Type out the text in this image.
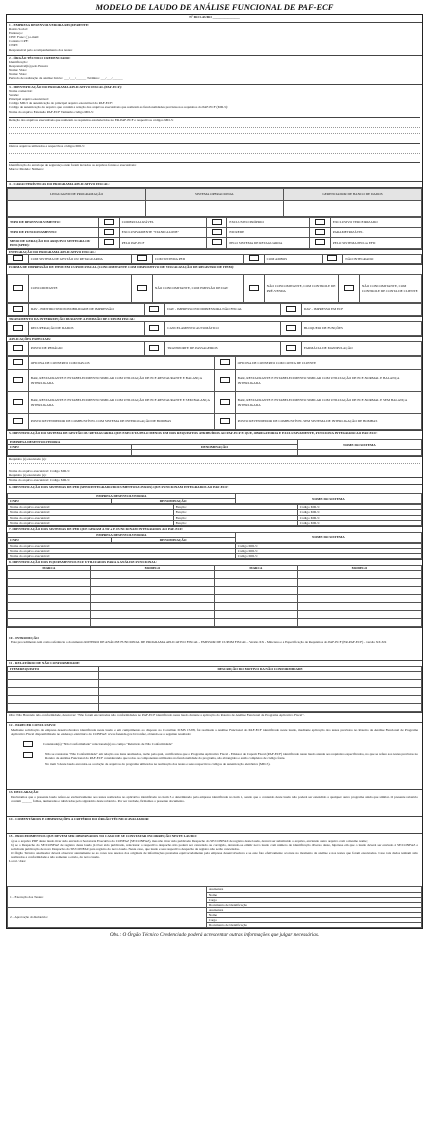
MODELO DE LAUDO DE ANÁLISE FUNCIONAL DE PAF-ECF
Nº DO LAUDO ________________
1 - EMPRESA DESENVOLVEDORA REQUERENTE:
Razão Social:
Endereço:
CEP: Fone: ( ) e-mail:
Contato: CPF:
CNPJ:
Responsável pelo acompanhamento dos testes:
2 - ÓRGÃO TÉCNICO CREDENCIADO:
Identificação:
Responsável(is) pelo Ensaio:
Nome: Visto:
Nome: Visto:
Período de realização da análise: Início: ___/___/______ Término: ___/___/______
3 - IDENTIFICAÇÃO DO PROGRAMA APLICATIVO FISCAL (PAF-ECF):
Nome comercial:
Versão:
Principal arquivo executável:
Código MD-5 de autenticação do principal arquivo executável do PAF-ECF:
Código de autenticação do arquivo que contém a relação dos arquivos executáveis que realizam as funcionalidades previstas nos requisitos do PAF-ECF (MD-5):
Nome do arquivo Extensão PAF-ECF Tamanho código MD-5:
Relação dos arquivos executáveis que realizam os requisitos estabelecidos no ER-PAF-ECF e respectivos códigos MD-5:
Outros arquivos utilizados e respectivos códigos MD-5:
Identificação do envelope de segurança onde foram lacrados os arquivos fontes e executáveis:
Marca: Modelo: Número:
4 - CARACTERÍSTICAS DO PROGRAMA APLICATIVO FISCAL:
LINGUAGEM DE PROGRAMAÇÃO	SISTEMA OPERACIONAL	GERENCIADOR DE BANCO DE DADOS

TIPO DE DESENVOLVIMENTO:		COMERCIALIZÁVEL		EXCLUSIVO PRÓPRIO		EXCLUSIVO TERCEIRIZADO
TIPO DE FUNCIONAMENTO:		EXCLUSIVAMENTE "STAND ALONE"		EM REDE		PARAMETRIZÁVEL
MEIO DE GERAÇÃO DO ARQUIVO SINTEGRA OU EFD (SPED):		PELO PAF-ECF		PELO SISTEMA DE RETAGUARDA		PELO SISTEMA PED ou EFD
INTEGRAÇÃO DO PROGRAMA APLICATIVO FISCAL:
	COM SISTEMA DE GESTÃO OU RETAGUARDA		COM SISTEMA PED		COM AMBOS		NÃO INTEGRADO
FORMA DE IMPRESSÃO DE ITEM EM CUPOM FISCAL (CONCOMITANTE COM DISPOSITIVO DE VISUALIZAÇÃO DE REGISTRO DE ITEM):
	CONCOMITANTE		NÃO CONCOMITANTE, COM EMISSÃO DE DAV		NÃO CONCOMITANTE, COM CONTROLE DE PRÉ-VENDA		NÃO CONCOMITANTE, COM CONTROLE DE CONTA DE CLIENTE
	DAV - EMITIDO SEM POSSIBILIDADE DE IMPRESSÃO		DAV - IMPRESSO EM IMPRESSORA NÃO FISCAL		DAV - IMPRESSO EM ECF
TRATAMENTO DA INTERRUPÇÃO DURANTE A EMISSÃO DE CUPOM FISCAL:
	RECUPERAÇÃO DE DADOS		CANCELAMENTO AUTOMÁTICO		BLOQUEIO DE FUNÇÕES
APLICAÇÕES ESPECIAIS:
	POSTO DE PEDÁGIO		TRANSPORTE DE PASSAGEIROS		FARMÁCIA DE MANIPULAÇÃO
	OFICINA DE CONSERTO COM DAV-OS		OFICINA DE CONSERTO COM CONTA DE CLIENTE
	BAR, RESTAURANTE E ESTABELECIMENTO SIMILAR COM UTILIZAÇÃO DE ECF-RESTAURANTE E BALANÇA INTERLIGADA		BAR, RESTAURANTE E ESTABELECIMENTO SIMILAR COM UTILIZAÇÃO DE ECF-NORMAL E BALANÇA INTERLIGADA
	BAR, RESTAURANTE E ESTABELECIMENTO SIMILAR COM UTILIZAÇÃO DE ECF-RESTAURANTE E SEM BALANÇA INTERLIGADA		BAR, RESTAURANTE E ESTABELECIMENTO SIMILAR COM UTILIZAÇÃO DE ECF-NORMAL E SEM BALANÇA INTERLIGADA
	POSTO REVENDEDOR DE COMBUSTÍVEL COM SISTEMA DE INTERLIGAÇÃO DE BOMBAS		POSTO REVENDEDOR DE COMBUSTÍVEL SEM SISTEMA DE INTERLIGAÇÃO DE BOMBAS
5. IDENTIFICAÇÃO DO SISTEMA DE GESTÃO OU RETAGUARDA QUE EXECUTA PELO MENOS UM DOS REQUISITOS ATRIBUÍDOS AO PAF-ECF E QUE, OBRIGATORIA E EXCLUSIVAMENTE, FUNCIONA INTEGRADO AO PAF-ECF:
EMPRESA DESENVOLVEDORA		NOME DO SISTEMA
CNPJ	DENOMINAÇÃO	

Requisito (s) executado (s):
Nome do arquivo executável: Código MD-5:
Requisito (s) executado (s):
Nome do arquivo executável: Código MD-5:
6. IDENTIFICAÇÃO DOS SISTEMAS DE PED (SPED/INTEGRADO/DOCUMENTOS/LIVROS) QUE FUNCIONAM INTEGRADOS AO PAF-ECF:
EMPRESA DESENVOLVEDORA		NOME DO SISTEMA
CNPJ	DENOMINAÇÃO	
Nome do arquivo executável:	Função:	Código MD-5:
Nome do arquivo executável:	Função:	Código MD-5:
Nome do arquivo executável:	Função:	Código MD-5:
Nome do arquivo executável:	Função:	Código MD-5:
7. IDENTIFICAÇÃO DOS SISTEMAS DE PED QUE GERAM A NF-e E FUNCIONAM INTEGRADOS AO PAF-ECF:
EMPRESA DESENVOLVEDORA		NOME DO SISTEMA
CNPJ	DENOMINAÇÃO	
Nome do arquivo executável:	Código MD-5:
Nome do arquivo executável:	Código MD-5:
Nome do arquivo executável:	Código MD-5:
8. IDENTIFICAÇÃO DOS EQUIPAMENTOS ECF UTILIZADOS PARA A ANÁLISE FUNCIONAL:
MARCA	MODELO	MARCA	MODELO

10 - INTRODUÇÃO
Este procedimento tem como referência o documento ROTEIRO DE ANÁLISE FUNCIONAL DE PROGRAMA APLICATIVO FISCAL - EMISSOR DE CUPOM FISCAL - Versão XX - Mês/Ano e a Especificação de Requisitos do PAF-ECF (ER-PAF-ECF) - versão XX.XX
11 - RELATÓRIO DE NÃO CONFORMIDADE:
ITEM/REQUISITO	DESCRIÇÃO DO MOTIVO DA NÃO CONFORMIDADE

Obs: Não Havendo não-conformidade, descrever: "Não foram encontradas não conformidades no PAF-ECF identificado neste laudo durante a aplicação do Roteiro de Análise Funcional de Programa Aplicativo Fiscal".
12 - PARECER CONCLUSIVO:
Mediante solicitação da empresa desenvolvedora identificada neste laudo e em cumprimento ao disposto no Convênio ICMS 15/08, foi realizada a Análise Funcional do PAF-ECF identificado neste laudo, mediante aplicação dos testes previstos no Roteiro de Análise Funcional de Programa Aplicativo Fiscal disponibilizado no endereço eletrônico do CONFAZ: www.fazenda.gov.br/confaz, obtendo-se o seguinte resultado:
Constatada(s) "Não Conformidade" relacionada(s) no campo "Relatório de Não Conformidade"
Não se constatou "Não Conformidade" em relação aos itens analisados, razão pela qual, certificamos que o Programa Aplicativo Fiscal - Emissor de Cupom Fiscal (PAF-ECF) identificado neste laudo atende aos requisitos especificados, no que se refere aos testes previstos no Roteiro de Análise Funcional do PAF-ECF considerando que todos os componentes utilizados na funcionalidade do programa, são abrangidos e estão completos de código fonte.
No item 3 deste laudo encontra-se a relação de arquivos do programa utilizados na realização dos testes e seus respectivos códigos de autenticação eletrônica (MD-5).
13. DECLARAÇÃO
Declaramos que o presente laudo refere-se exclusivamente aos testes realizados no aplicativo identificado no item 3 e determinado pela empresa identificada no item 1, sendo que o conteúdo deste laudo não poderá ser estendido a qualquer outro programa ainda que similar. O presente relatório contém ______ folhas, numeradas e rubricadas pelo signatário deste relatório. Por ser verdade, firmamos o presente documento.
14 - COMENTÁRIOS E OBSERVAÇÕES A CRITÉRIO DO ÓRGÃO TÉCNICO AVALIADOR:
15 - PROCEDIMENTOS QUE DEVEM SER OBSERVADOS NO CASO DE SE CONSTATAR INCORREÇÃO NESTE LAUDO:
a) se o arquivo PDF deste laudo tiver sido enviado à Secretaria Executiva do CONFAZ (SE/CONFAZ), mas não tiver sido publicado Despacho do SE/CONFAZ de registro deste laudo, deverá ser substituído o arquivo, enviando outro arquivo com o mesmo nome;
b) se o Despacho do SE/CONFAZ de registro deste laudo já tiver sido publicado, relacionar o respectivo despacho não poderá ser cancelado ou corrigido, devendo-se emitir novo laudo com número de identificação diverso deste, hipótese em que o laudo deverá ser enviado à SE/CONFAZ e solicitada publicação de novo Despacho do SE/CONFAZ para registro do novo laudo. Neste caso, que laudo e seu respectivo despacho de registro não serão cancelados.
O Órgão Técnico analisador deverá observar atentamente se as cores nos anexos dos originais de informações prestadas equivocadamente pela empresa desenvolvedora e se este fato efetivamente ocorreu no momento da análise e nos testes que foram executados. Caso tais dados tenham sido realizados a conformidade e não somente o envio, do novo laudo.
Local / data:
1 - Execução dos Testes:	Assinatura
	Nome
	Cargo
	Documento de Identificação
2 - Aprovação do Relatório:	Assinatura
	Nome
	Cargo
	Documento de Identificação
Obs.: O Órgão Técnico Credenciado poderá acrescentar outras informações que julgar necessárias.
